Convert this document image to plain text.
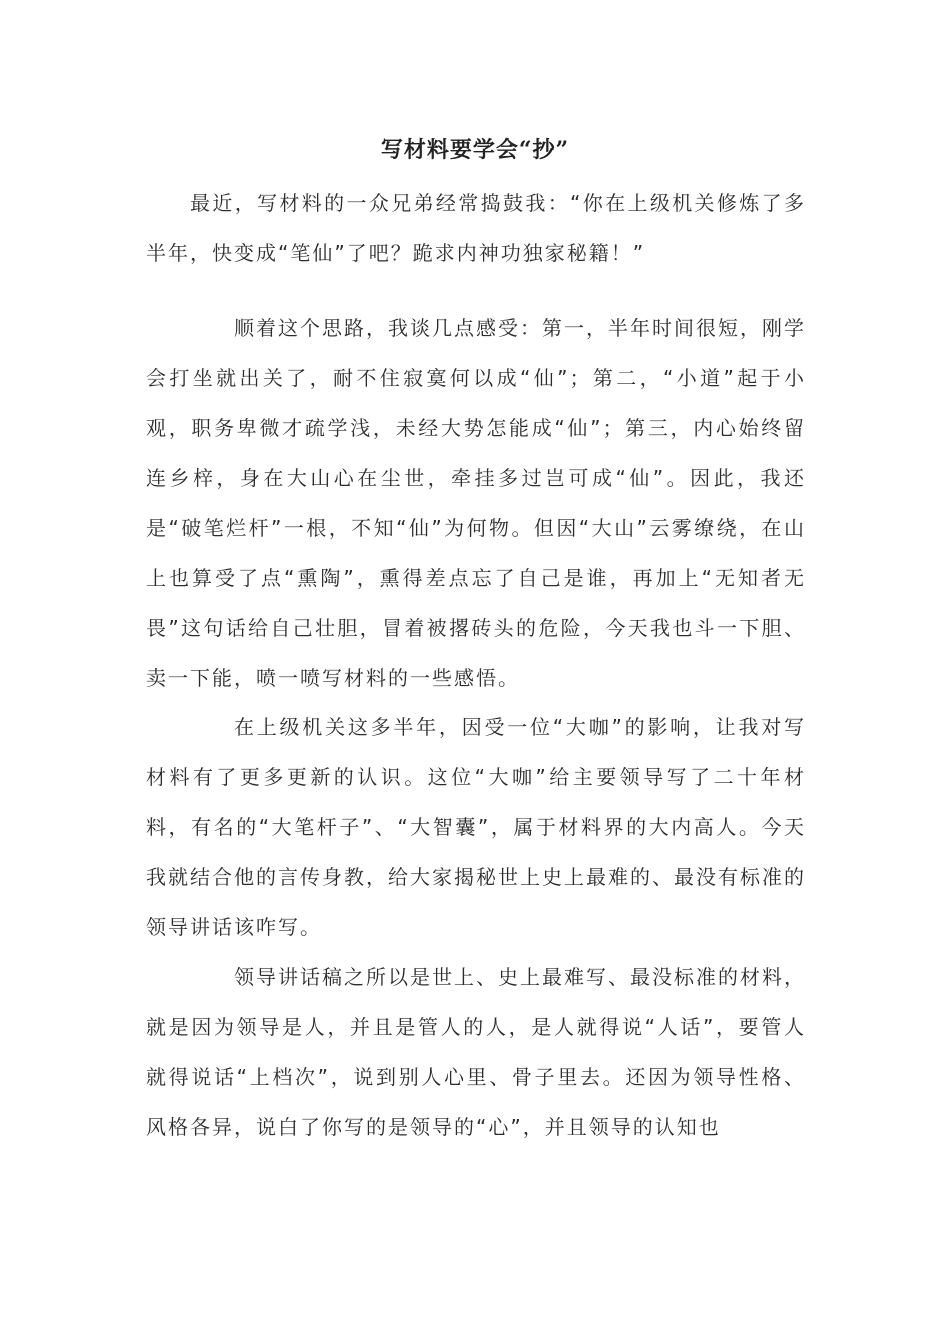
写材料要学会“抄”

最近，写材料的一众兄弟经常捣鼓我：“你在上级机关修炼了多半年，快变成“笔仙”了吧？跪求内神功独家秘籍！”

顺着这个思路，我谈几点感受：第一，半年时间很短，刚学会打坐就出关了，耐不住寂寞何以成“仙”；第二，“小道”起于小观，职务卑微才疏学浅，未经大势怎能成“仙”；第三，内心始终留连乡梓，身在大山心在尘世，牵挂多过岂可成“仙”。因此，我还是“破笔烂杆”一根，不知“仙”为何物。但因“大山”云雾缭绕，在山上也算受了点“熏陶”，熏得差点忘了自己是谁，再加上“无知者无畏”这句话给自己壮胆，冒着被撂砖头的危险，今天我也斗一下胆、卖一下能，喷一喷写材料的一些感悟。

在上级机关这多半年，因受一位“大咖”的影响，让我对写材料有了更多更新的认识。这位“大咖”给主要领导写了二十年材料，有名的“大笔杆子”、“大智囊”，属于材料界的大内高人。今天我就结合他的言传身教，给大家揭秘世上史上最难的、最没有标准的领导讲话该咋写。

领导讲话稿之所以是世上、史上最难写、最没标准的材料，就是因为领导是人，并且是管人的人，是人就得说“人话”，要管人就得说话“上档次”，说到别人心里、骨子里去。还因为领导性格、风格各异，说白了你写的是领导的“心”，并且领导的认知也
